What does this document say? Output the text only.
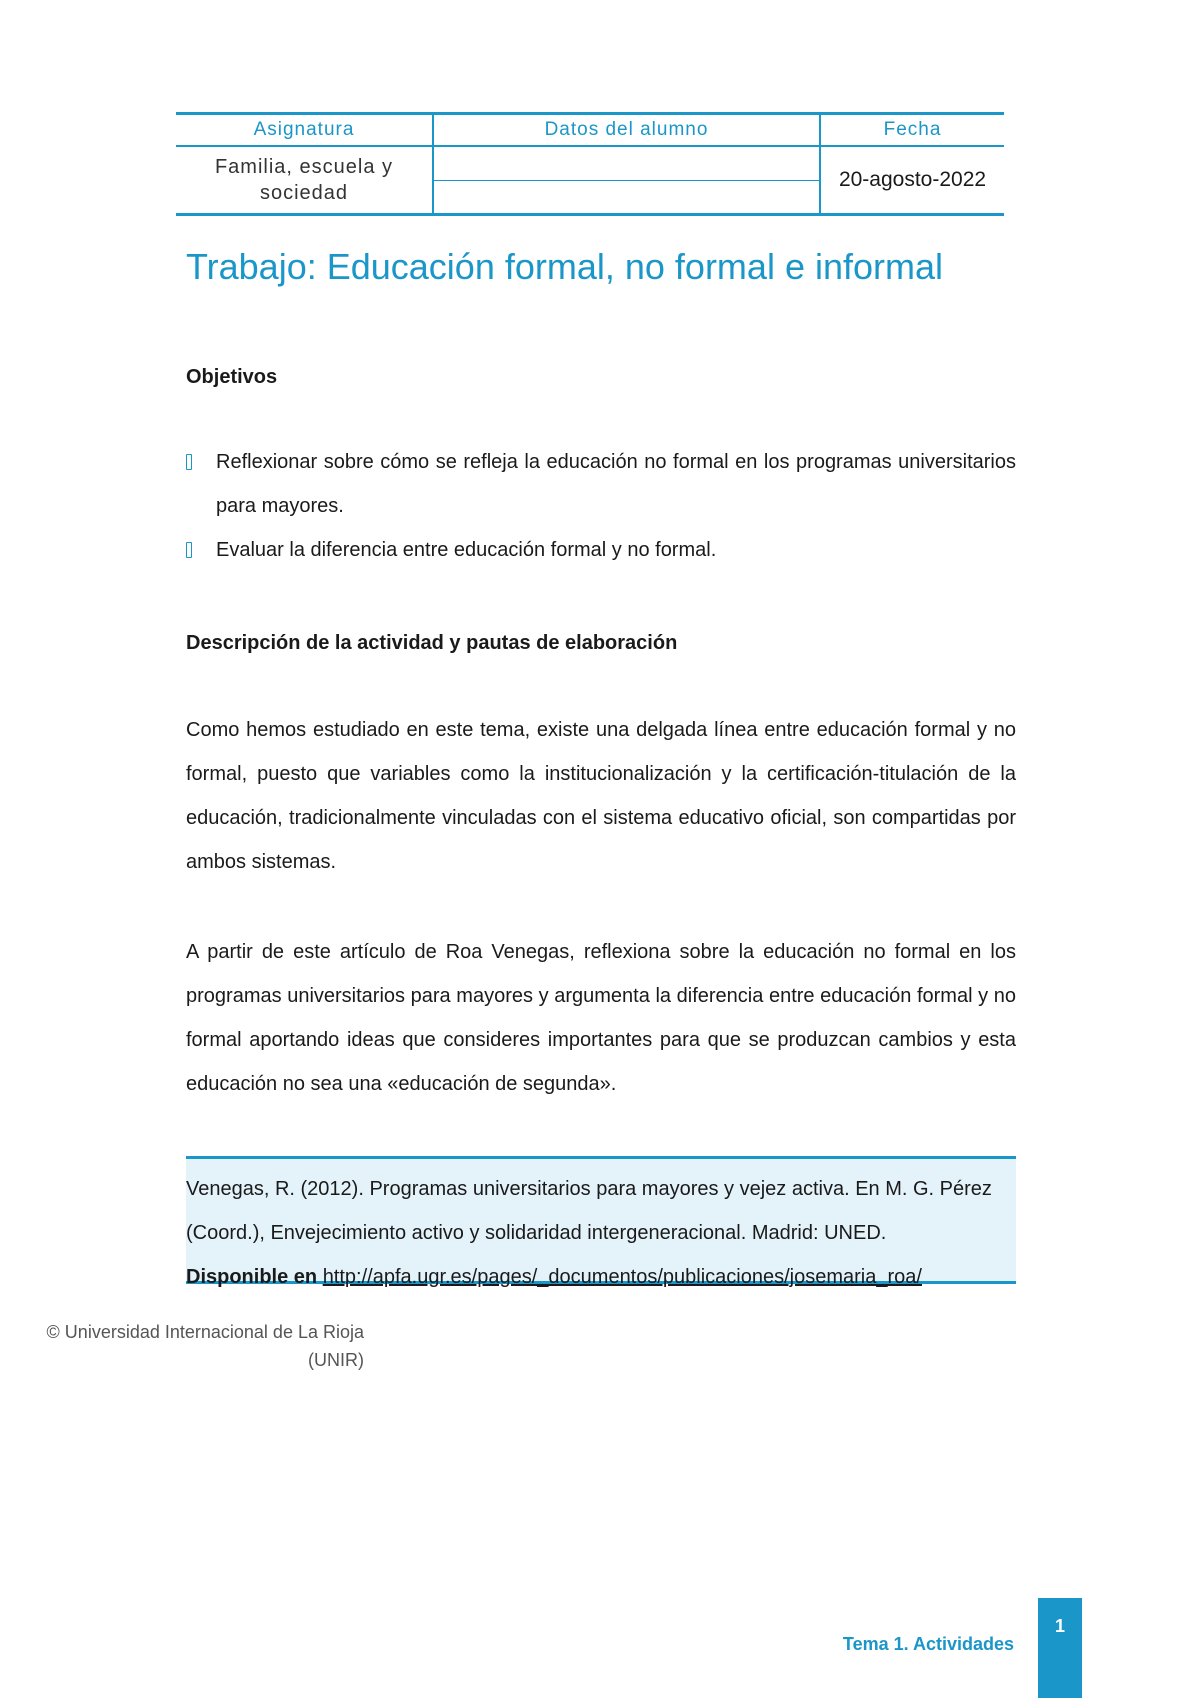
Asignatura	Datos del alumno	Fecha
Familia, escuela y sociedad
20-agosto-2022
Trabajo: Educación formal, no formal e informal
Objetivos
Reflexionar sobre cómo se refleja la educación no formal en los programas universitarios para mayores.
Evaluar la diferencia entre educación formal y no formal.
Descripción de la actividad y pautas de elaboración

Como hemos estudiado en este tema, existe una delgada línea entre educación formal y no formal, puesto que variables como la institucionalización y la certificación-titulación de la educación, tradicionalmente vinculadas con el sistema educativo oficial, son compartidas por ambos sistemas.

A partir de este artículo de Roa Venegas, reflexiona sobre la educación no formal en los programas universitarios para mayores y argumenta la diferencia entre educación formal y no formal aportando ideas que consideres importantes para que se produzcan cambios y esta educación no sea una «educación de segunda».

Venegas, R. (2012). Programas universitarios para mayores y vejez activa. En M. G. Pérez

(Coord.), Envejecimiento activo y solidaridad intergeneracional. Madrid: UNED.

Disponible en http://apfa.ugr.es/pages/_documentos/publicaciones/josemaria_roa/

© Universidad Internacional de La Rioja
(UNIR)
Tema 1. Actividades
1
